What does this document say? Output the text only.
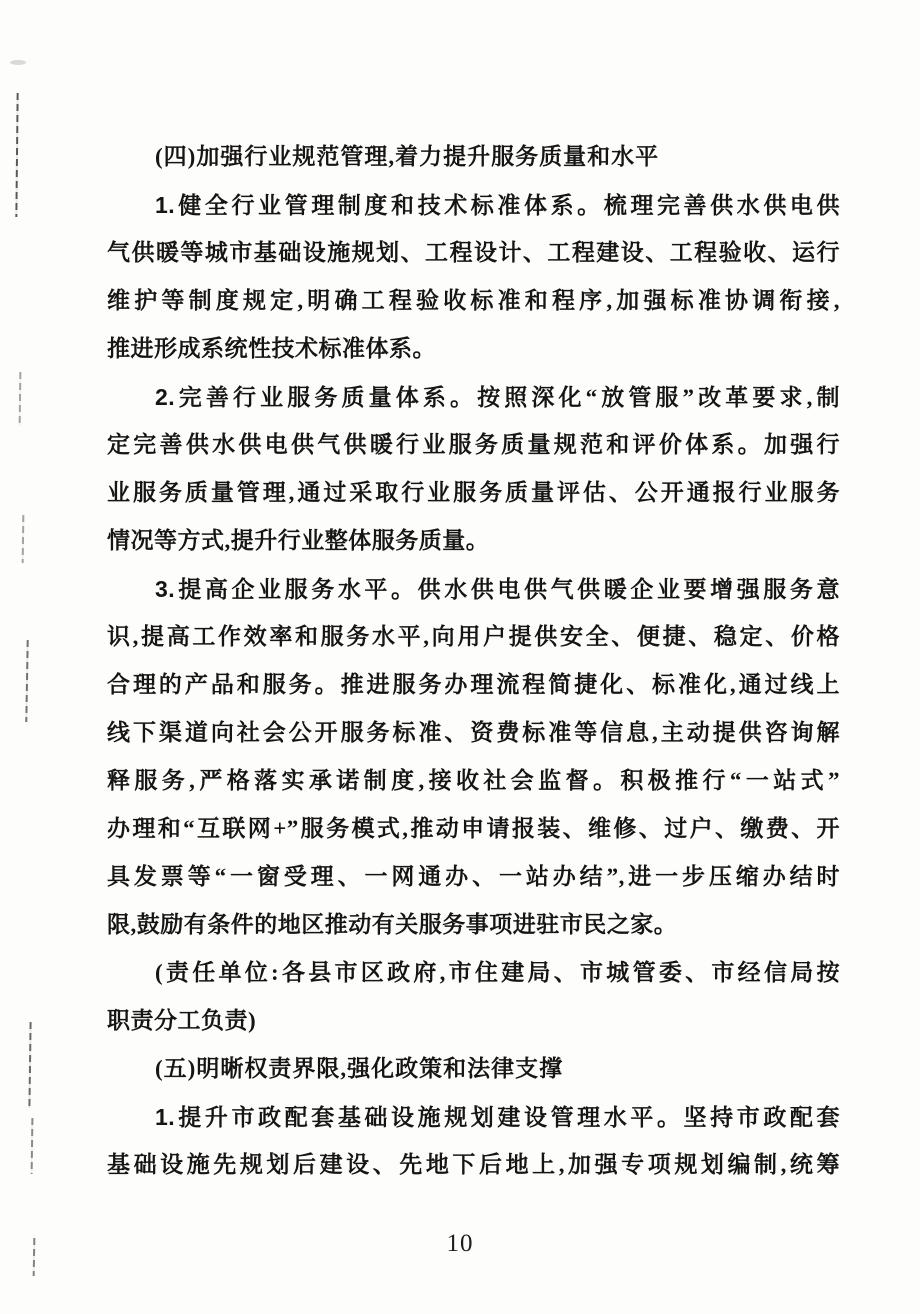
(四)加强行业规范管理,着力提升服务质量和水平
1.健全行业管理制度和技术标准体系。梳理完善供水供电供
气供暖等城市基础设施规划、工程设计、工程建设、工程验收、运行
维护等制度规定,明确工程验收标准和程序,加强标准协调衔接,
推进形成系统性技术标准体系。
2.完善行业服务质量体系。按照深化“放管服”改革要求,制
定完善供水供电供气供暖行业服务质量规范和评价体系。加强行
业服务质量管理,通过采取行业服务质量评估、公开通报行业服务
情况等方式,提升行业整体服务质量。
3.提高企业服务水平。供水供电供气供暖企业要增强服务意
识,提高工作效率和服务水平,向用户提供安全、便捷、稳定、价格
合理的产品和服务。推进服务办理流程简捷化、标准化,通过线上
线下渠道向社会公开服务标准、资费标准等信息,主动提供咨询解
释服务,严格落实承诺制度,接收社会监督。积极推行“一站式”
办理和“互联网+”服务模式,推动申请报装、维修、过户、缴费、开
具发票等“一窗受理、一网通办、一站办结”,进一步压缩办结时
限,鼓励有条件的地区推动有关服务事项进驻市民之家。
(责任单位:各县市区政府,市住建局、市城管委、市经信局按
职责分工负责)
(五)明晰权责界限,强化政策和法律支撑
1.提升市政配套基础设施规划建设管理水平。坚持市政配套
基础设施先规划后建设、先地下后地上,加强专项规划编制,统筹
10
